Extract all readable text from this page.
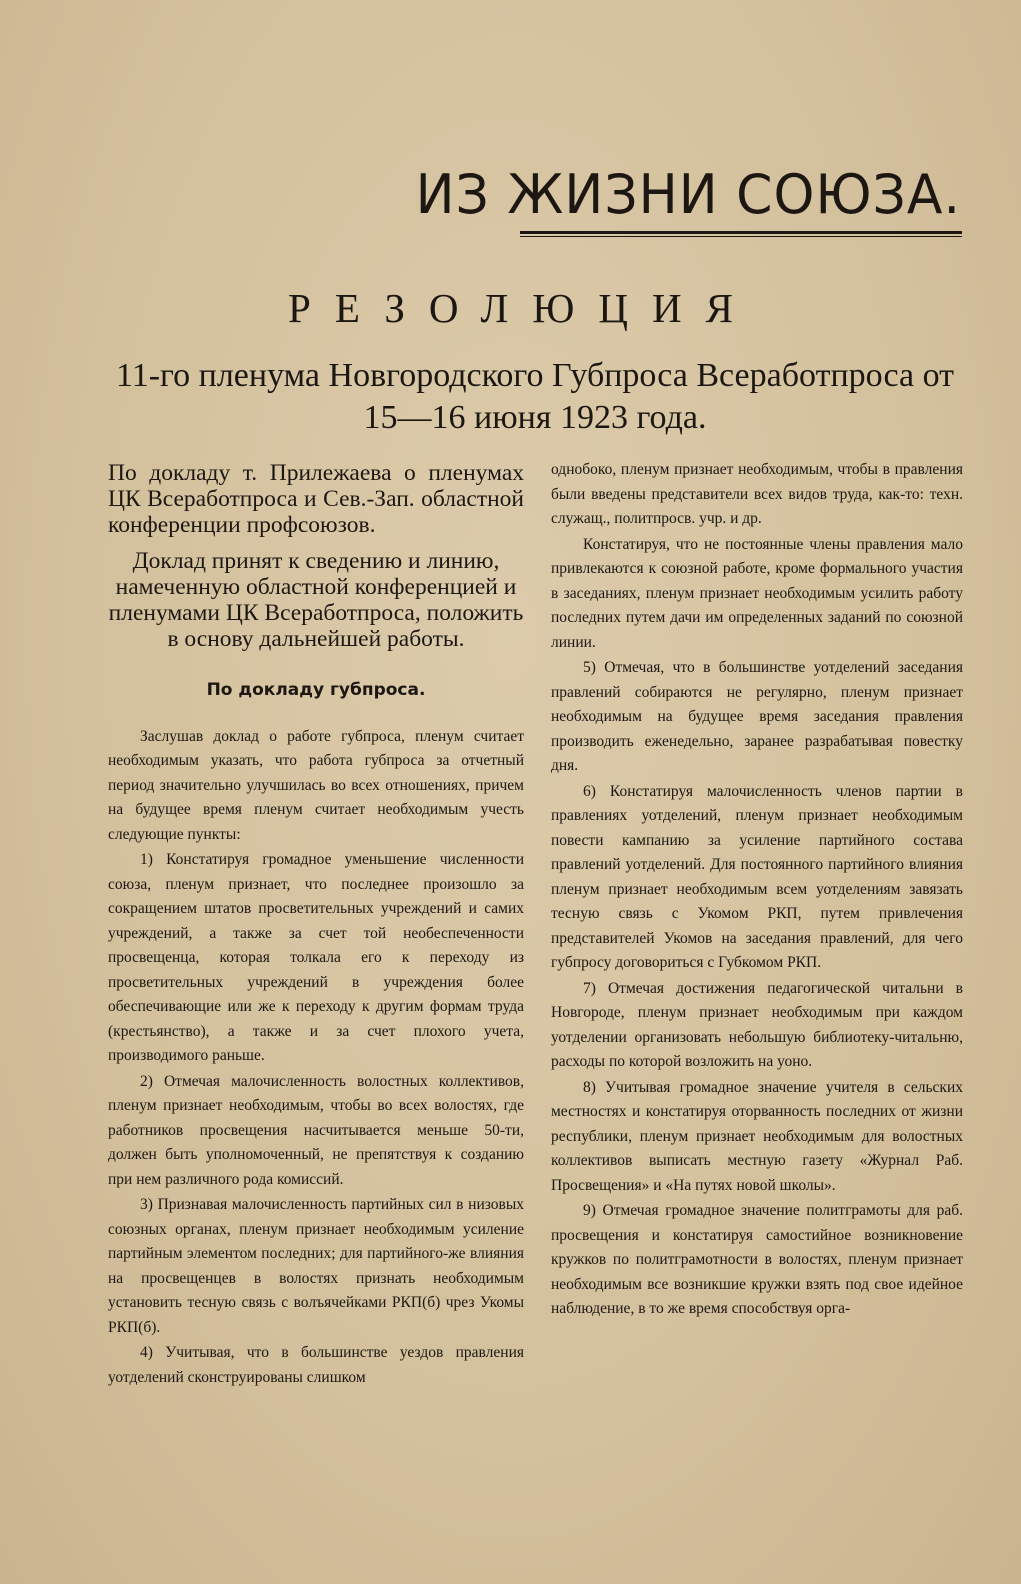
ИЗ ЖИЗНИ СОЮЗА.
РЕЗОЛЮЦИЯ
11-го пленума Новгородского Губпроса Всеработпроса от 15—16 июня 1923 года.

По докладу т. Прилежаева о пленумах ЦК Всеработпроса и Сев.-Зап. областной конференции профсоюзов.

Доклад принят к сведению и линию, намеченную областной конференцией и пленумами ЦК Всеработпроса, положить в основу дальнейшей работы.

По докладу губпроса.

Заслушав доклад о работе губпроса, пленум считает необходимым указать, что работа губпроса за отчетный период значительно улучшилась во всех отношениях, причем на будущее время пленум считает необходимым учесть следующие пункты:

1) Констатируя громадное уменьшение численности союза, пленум признает, что последнее произошло за сокращением штатов просветительных учреждений и самих учреждений, а также за счет той необеспеченности просвещенца, которая толкала его к переходу из просветительных учреждений в учреждения более обеспечивающие или же к переходу к другим формам труда (крестьянство), а также и за счет плохого учета, производимого раньше.

2) Отмечая малочисленность волостных коллективов, пленум признает необходимым, чтобы во всех волостях, где работников просвещения насчитывается меньше 50-ти, должен быть уполномоченный, не препятствуя к созданию при нем различного рода комиссий.

3) Признавая малочисленность партийных сил в низовых союзных органах, пленум признает необходимым усиление партийным элементом последних; для партийного-же влияния на просвещенцев в волостях признать необходимым установить тесную связь с волъячейками РКП(б) чрез Укомы РКП(б).

4) Учитывая, что в большинстве уездов правления уотделений сконструированы слишком

однобоко, пленум признает необходимым, чтобы в правления были введены представители всех видов труда, как-то: техн. служащ., политпросв. учр. и др.

Констатируя, что не постоянные члены правления мало привлекаются к союзной работе, кроме формального участия в заседаниях, пленум признает необходимым усилить работу последних путем дачи им определенных заданий по союзной линии.

5) Отмечая, что в большинстве уотделений заседания правлений собираются не регулярно, пленум признает необходимым на будущее время заседания правления производить еженедельно, заранее разрабатывая повестку дня.

6) Констатируя малочисленность членов партии в правлениях уотделений, пленум признает необходимым повести кампанию за усиление партийного состава правлений уотделений. Для постоянного партийного влияния пленум признает необходимым всем уотделениям завязать тесную связь с Укомом РКП, путем привлечения представителей Укомов на заседания правлений, для чего губпросу договориться с Губкомом РКП.

7) Отмечая достижения педагогической читальни в Новгороде, пленум признает необходимым при каждом уотделении организовать небольшую библиотеку-читальню, расходы по которой возложить на уоно.

8) Учитывая громадное значение учителя в сельских местностях и констатируя оторванность последних от жизни республики, пленум признает необходимым для волостных коллективов выписать местную газету «Журнал Раб. Просвещения» и «На путях новой школы».

9) Отмечая громадное значение политграмоты для раб. просвещения и констатируя самостийное возникновение кружков по политграмотности в волостях, пленум признает необходимым все возникшие кружки взять под свое идейное наблюдение, в то же время способствуя орга-
